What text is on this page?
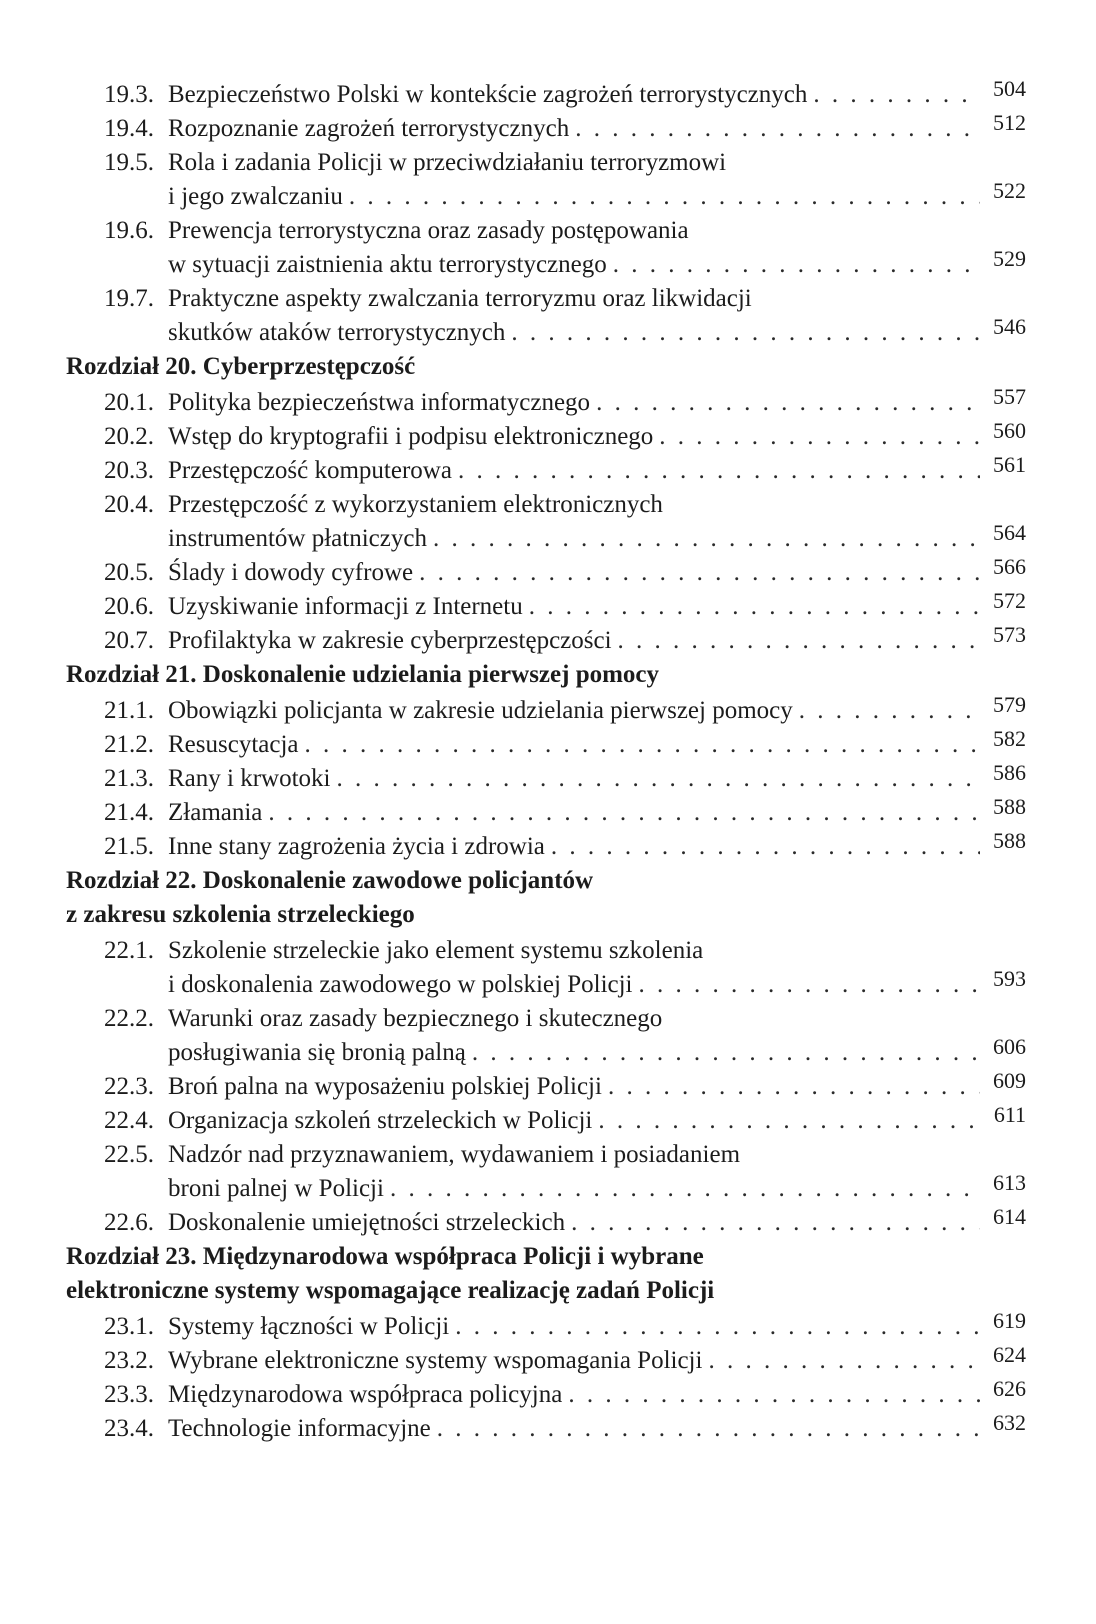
19.3. Bezpieczeństwo Polski w kontekście zagrożeń terrorystycznych . . .	504
19.4. Rozpoznanie zagrożeń terrorystycznych . . .	512
19.5. Rola i zadania Policji w przeciwdziałaniu terroryzmowi
i jego zwalczaniu . . .	522
19.6. Prewencja terrorystyczna oraz zasady postępowania
w sytuacji zaistnienia aktu terrorystycznego . . .	529
19.7. Praktyczne aspekty zwalczania terroryzmu oraz likwidacji
skutków ataków terrorystycznych . . .	546
Rozdział 20. Cyberprzestępczość
20.1. Polityka bezpieczeństwa informatycznego . . .	557
20.2. Wstęp do kryptografii i podpisu elektronicznego . . .	560
20.3. Przestępczość komputerowa . . .	561
20.4. Przestępczość z wykorzystaniem elektronicznych
instrumentów płatniczych . . .	564
20.5. Ślady i dowody cyfrowe . . .	566
20.6. Uzyskiwanie informacji z Internetu . . .	572
20.7. Profilaktyka w zakresie cyberprzestępczości . . .	573
Rozdział 21. Doskonalenie udzielania pierwszej pomocy
21.1. Obowiązki policjanta w zakresie udzielania pierwszej pomocy . . .	579
21.2. Resuscytacja . . .	582
21.3. Rany i krwotoki . . .	586
21.4. Złamania . . .	588
21.5. Inne stany zagrożenia życia i zdrowia . . .	588
Rozdział 22. Doskonalenie zawodowe policjantów
z zakresu szkolenia strzeleckiego
22.1. Szkolenie strzeleckie jako element systemu szkolenia
i doskonalenia zawodowego w polskiej Policji . . .	593
22.2. Warunki oraz zasady bezpiecznego i skutecznego
posługiwania się bronią palną . . .	606
22.3. Broń palna na wyposażeniu polskiej Policji . . .	609
22.4. Organizacja szkoleń strzeleckich w Policji . . .	611
22.5. Nadzór nad przyznawaniem, wydawaniem i posiadaniem
broni palnej w Policji . . .	613
22.6. Doskonalenie umiejętności strzeleckich . . .	614
Rozdział 23. Międzynarodowa współpraca Policji i wybrane
elektroniczne systemy wspomagające realizację zadań Policji
23.1. Systemy łączności w Policji . . .	619
23.2. Wybrane elektroniczne systemy wspomagania Policji . . .	624
23.3. Międzynarodowa współpraca policyjna . . .	626
23.4. Technologie informacyjne . . .	632
